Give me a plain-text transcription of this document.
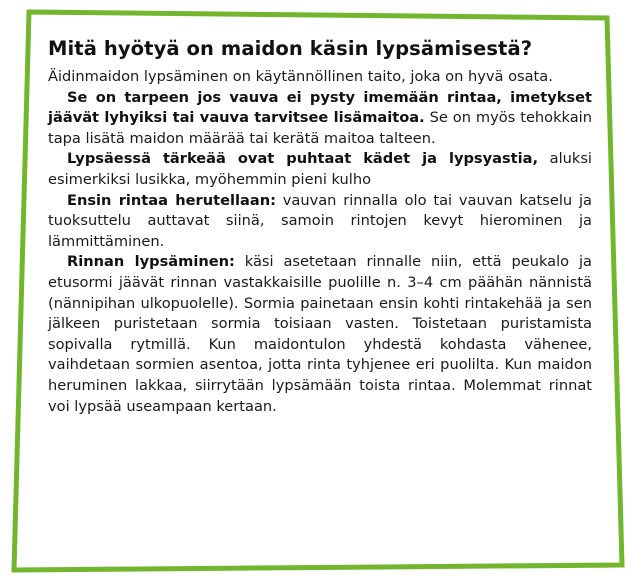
Mitä hyötyä on maidon käsin lypsämisestä?

Äidinmaidon lypsäminen on käytännöllinen taito, joka on hyvä osata.

Se on tarpeen jos vauva ei pysty imemään rintaa, imetykset jäävät lyhyiksi tai vauva tarvitsee lisämaitoa. Se on myös tehokkain tapa lisätä maidon määrää tai kerätä maitoa talteen.

Lypsäessä tärkeää ovat puhtaat kädet ja lypsyastia, aluksi esimerkiksi lusikka, myöhemmin pieni kulho

Ensin rintaa herutellaan: vauvan rinnalla olo tai vauvan katselu ja tuoksuttelu auttavat siinä, samoin rintojen kevyt hierominen ja lämmittäminen.

Rinnan lypsäminen: käsi asetetaan rinnalle niin, että peukalo ja etusormi jäävät rinnan vastakkaisille puolille n. 3–4 cm päähän nännistä (nännipihan ulkopuolelle). Sormia painetaan ensin kohti rintakehää ja sen jälkeen puristetaan sormia toisiaan vasten. Toistetaan puristamista sopivalla rytmillä. Kun maidontulon yhdestä kohdasta vähenee, vaihdetaan sormien asentoa, jotta rinta tyhjenee eri puolilta. Kun maidon heruminen lakkaa, siirrytään lypsämään toista rintaa. Molemmat rinnat voi lypsää useampaan kertaan.
